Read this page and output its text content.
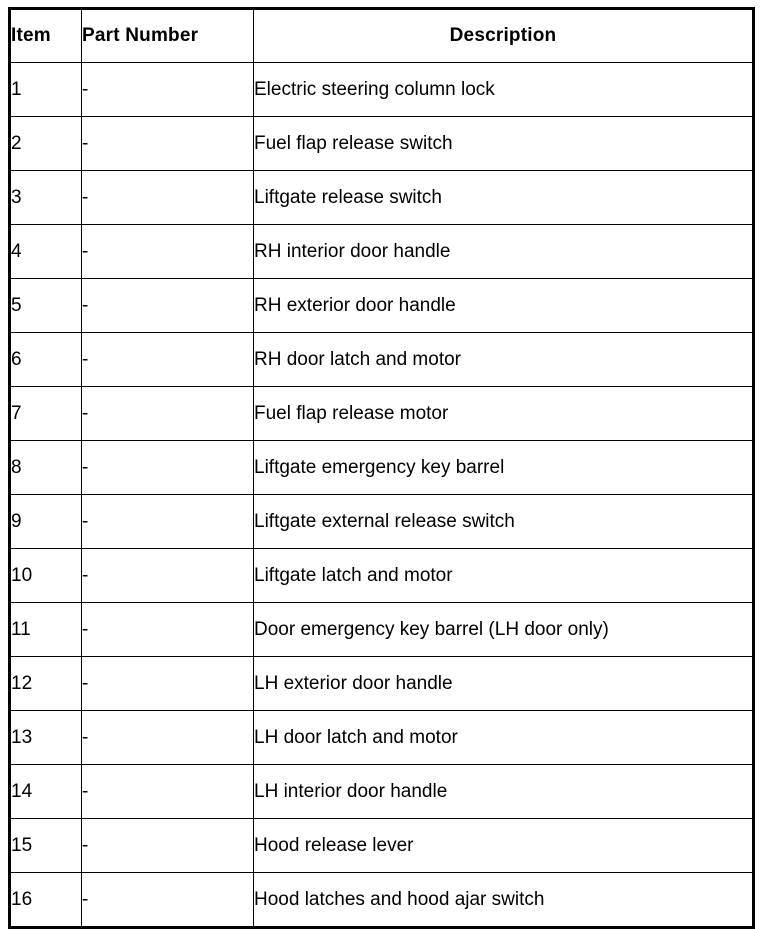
Item	Part Number	Description
1	-	Electric steering column lock
2	-	Fuel flap release switch
3	-	Liftgate release switch
4	-	RH interior door handle
5	-	RH exterior door handle
6	-	RH door latch and motor
7	-	Fuel flap release motor
8	-	Liftgate emergency key barrel
9	-	Liftgate external release switch
10	-	Liftgate latch and motor
11	-	Door emergency key barrel (LH door only)
12	-	LH exterior door handle
13	-	LH door latch and motor
14	-	LH interior door handle
15	-	Hood release lever
16	-	Hood latches and hood ajar switch
